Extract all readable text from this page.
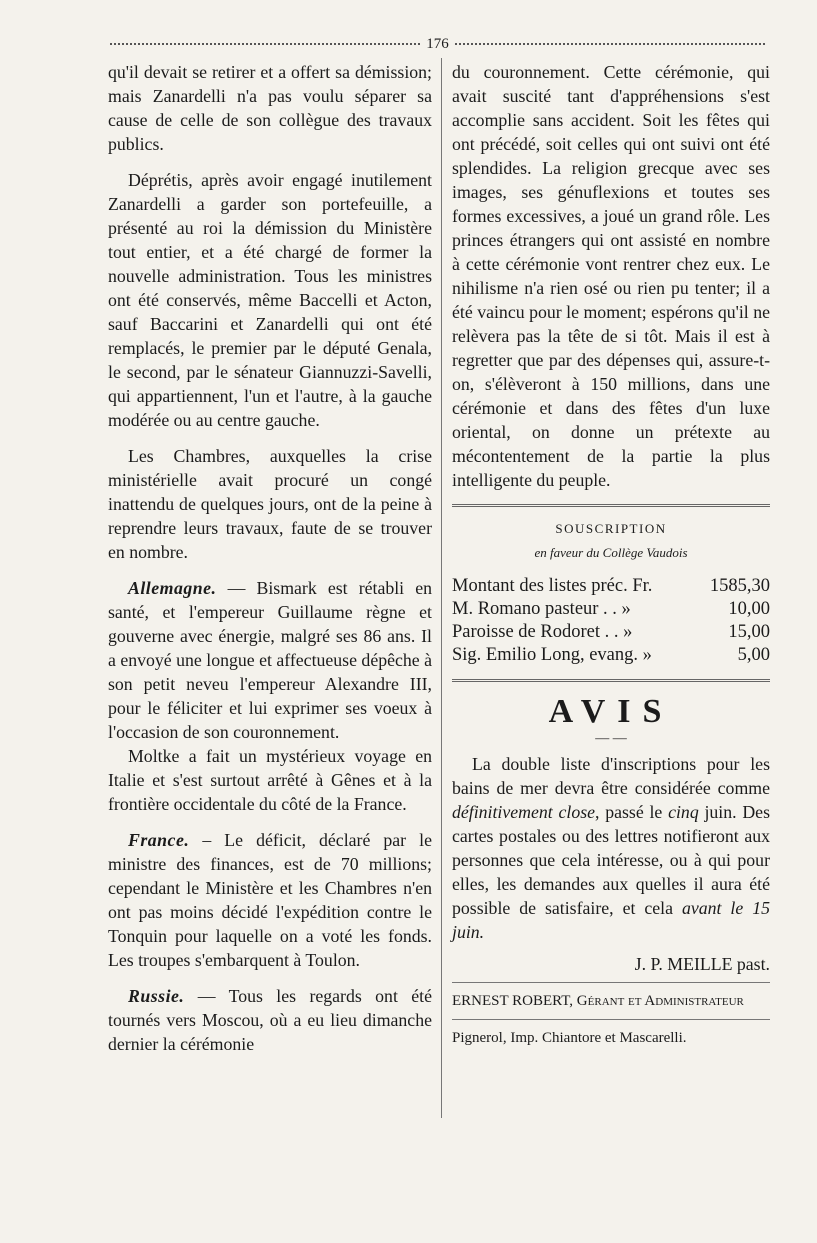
176

qu'il devait se retirer et a offert sa démission; mais Zanardelli n'a pas voulu séparer sa cause de celle de son collègue des travaux publics.

Déprétis, après avoir engagé inutilement Zanardelli a garder son portefeuille, a présenté au roi la démission du Ministère tout entier, et a été chargé de former la nouvelle administration. Tous les ministres ont été conservés, même Baccelli et Acton, sauf Baccarini et Zanardelli qui ont été remplacés, le premier par le député Genala, le second, par le sénateur Giannuzzi-Savelli, qui appartiennent, l'un et l'autre, à la gauche modérée ou au centre gauche.

Les Chambres, auxquelles la crise ministérielle avait procuré un congé inattendu de quelques jours, ont de la peine à reprendre leurs travaux, faute de se trouver en nombre.

Allemagne. — Bismark est rétabli en santé, et l'empereur Guillaume règne et gouverne avec énergie, malgré ses 86 ans. Il a envoyé une longue et affectueuse dépêche à son petit neveu l'empereur Alexandre III, pour le féliciter et lui exprimer ses voeux à l'occasion de son couronnement.

Moltke a fait un mystérieux voyage en Italie et s'est surtout arrêté à Gênes et à la frontière occidentale du côté de la France.

France. – Le déficit, déclaré par le ministre des finances, est de 70 millions; cependant le Ministère et les Chambres n'en ont pas moins décidé l'expédition contre le Tonquin pour laquelle on a voté les fonds. Les troupes s'embarquent à Toulon.

Russie. — Tous les regards ont été tournés vers Moscou, où a eu lieu dimanche dernier la cérémonie

du couronnement. Cette cérémonie, qui avait suscité tant d'appréhensions s'est accomplie sans accident. Soit les fêtes qui ont précédé, soit celles qui ont suivi ont été splendides. La religion grecque avec ses images, ses génuflexions et toutes ses formes excessives, a joué un grand rôle. Les princes étrangers qui ont assisté en nombre à cette cérémonie vont rentrer chez eux. Le nihilisme n'a rien osé ou rien pu tenter; il a été vaincu pour le moment; espérons qu'il ne relèvera pas la tête de si tôt. Mais il est à regretter que par des dépenses qui, assure-t-on, s'élèveront à 150 millions, dans une cérémonie et dans des fêtes d'un luxe oriental, on donne un prétexte au mécontentement de la partie la plus intelligente du peuple.

SOUSCRIPTION
en faveur du Collège Vaudois
Montant des listes préc. Fr.	1585,30
M. Romano pasteur . . »	10,00
Paroisse de Rodoret . . »	15,00
Sig. Emilio Long, evang. »	5,00
AVIS
— —

La double liste d'inscriptions pour les bains de mer devra être considérée comme définitivement close, passé le cinq juin. Des cartes postales ou des lettres notifieront aux personnes que cela intéresse, ou à qui pour elles, les demandes aux quelles il aura été possible de satisfaire, et cela avant le 15 juin.

J. P. MEILLE past.
ERNEST ROBERT, Gérant et Administrateur
Pignerol, Imp. Chiantore et Mascarelli.
